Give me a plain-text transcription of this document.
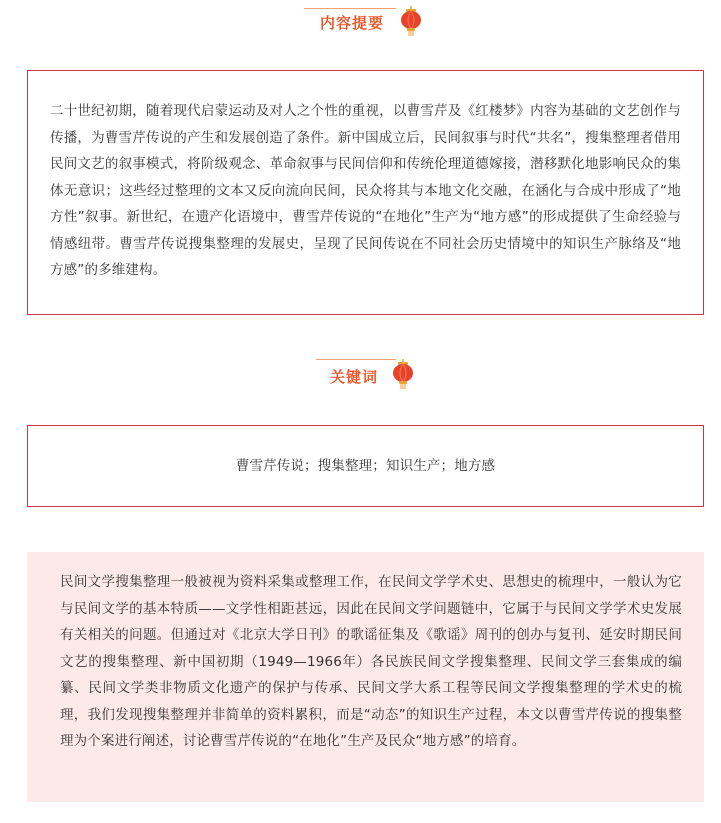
内容提要
二十世纪初期，随着现代启蒙运动及对人之个性的重视，以曹雪芹及《红楼梦》内容为基础的文艺创作与传播，为曹雪芹传说的产生和发展创造了条件。新中国成立后，民间叙事与时代“共名”，搜集整理者借用民间文艺的叙事模式，将阶级观念、革命叙事与民间信仰和传统伦理道德嫁接，潜移默化地影响民众的集体无意识；这些经过整理的文本又反向流向民间，民众将其与本地文化交融，在涵化与合成中形成了“地方性”叙事。新世纪，在遗产化语境中，曹雪芹传说的“在地化”生产为“地方感”的形成提供了生命经验与情感纽带。曹雪芹传说搜集整理的发展史，呈现了民间传说在不同社会历史情境中的知识生产脉络及“地方感”的多维建构。
关键词
曹雪芹传说；搜集整理；知识生产；地方感
民间文学搜集整理一般被视为资料采集或整理工作，在民间文学学术史、思想史的梳理中，一般认为它与民间文学的基本特质——文学性相距甚远，因此在民间文学问题链中，它属于与民间文学学术史发展有关相关的问题。但通过对《北京大学日刊》的歌谣征集及《歌谣》周刊的创办与复刊、延安时期民间文艺的搜集整理、新中国初期（1949—1966年）各民族民间文学搜集整理、民间文学三套集成的编纂、民间文学类非物质文化遗产的保护与传承、民间文学大系工程等民间文学搜集整理的学术史的梳理，我们发现搜集整理并非简单的资料累积，而是“动态”的知识生产过程，本文以曹雪芹传说的搜集整理为个案进行阐述，讨论曹雪芹传说的“在地化”生产及民众“地方感”的培育。
